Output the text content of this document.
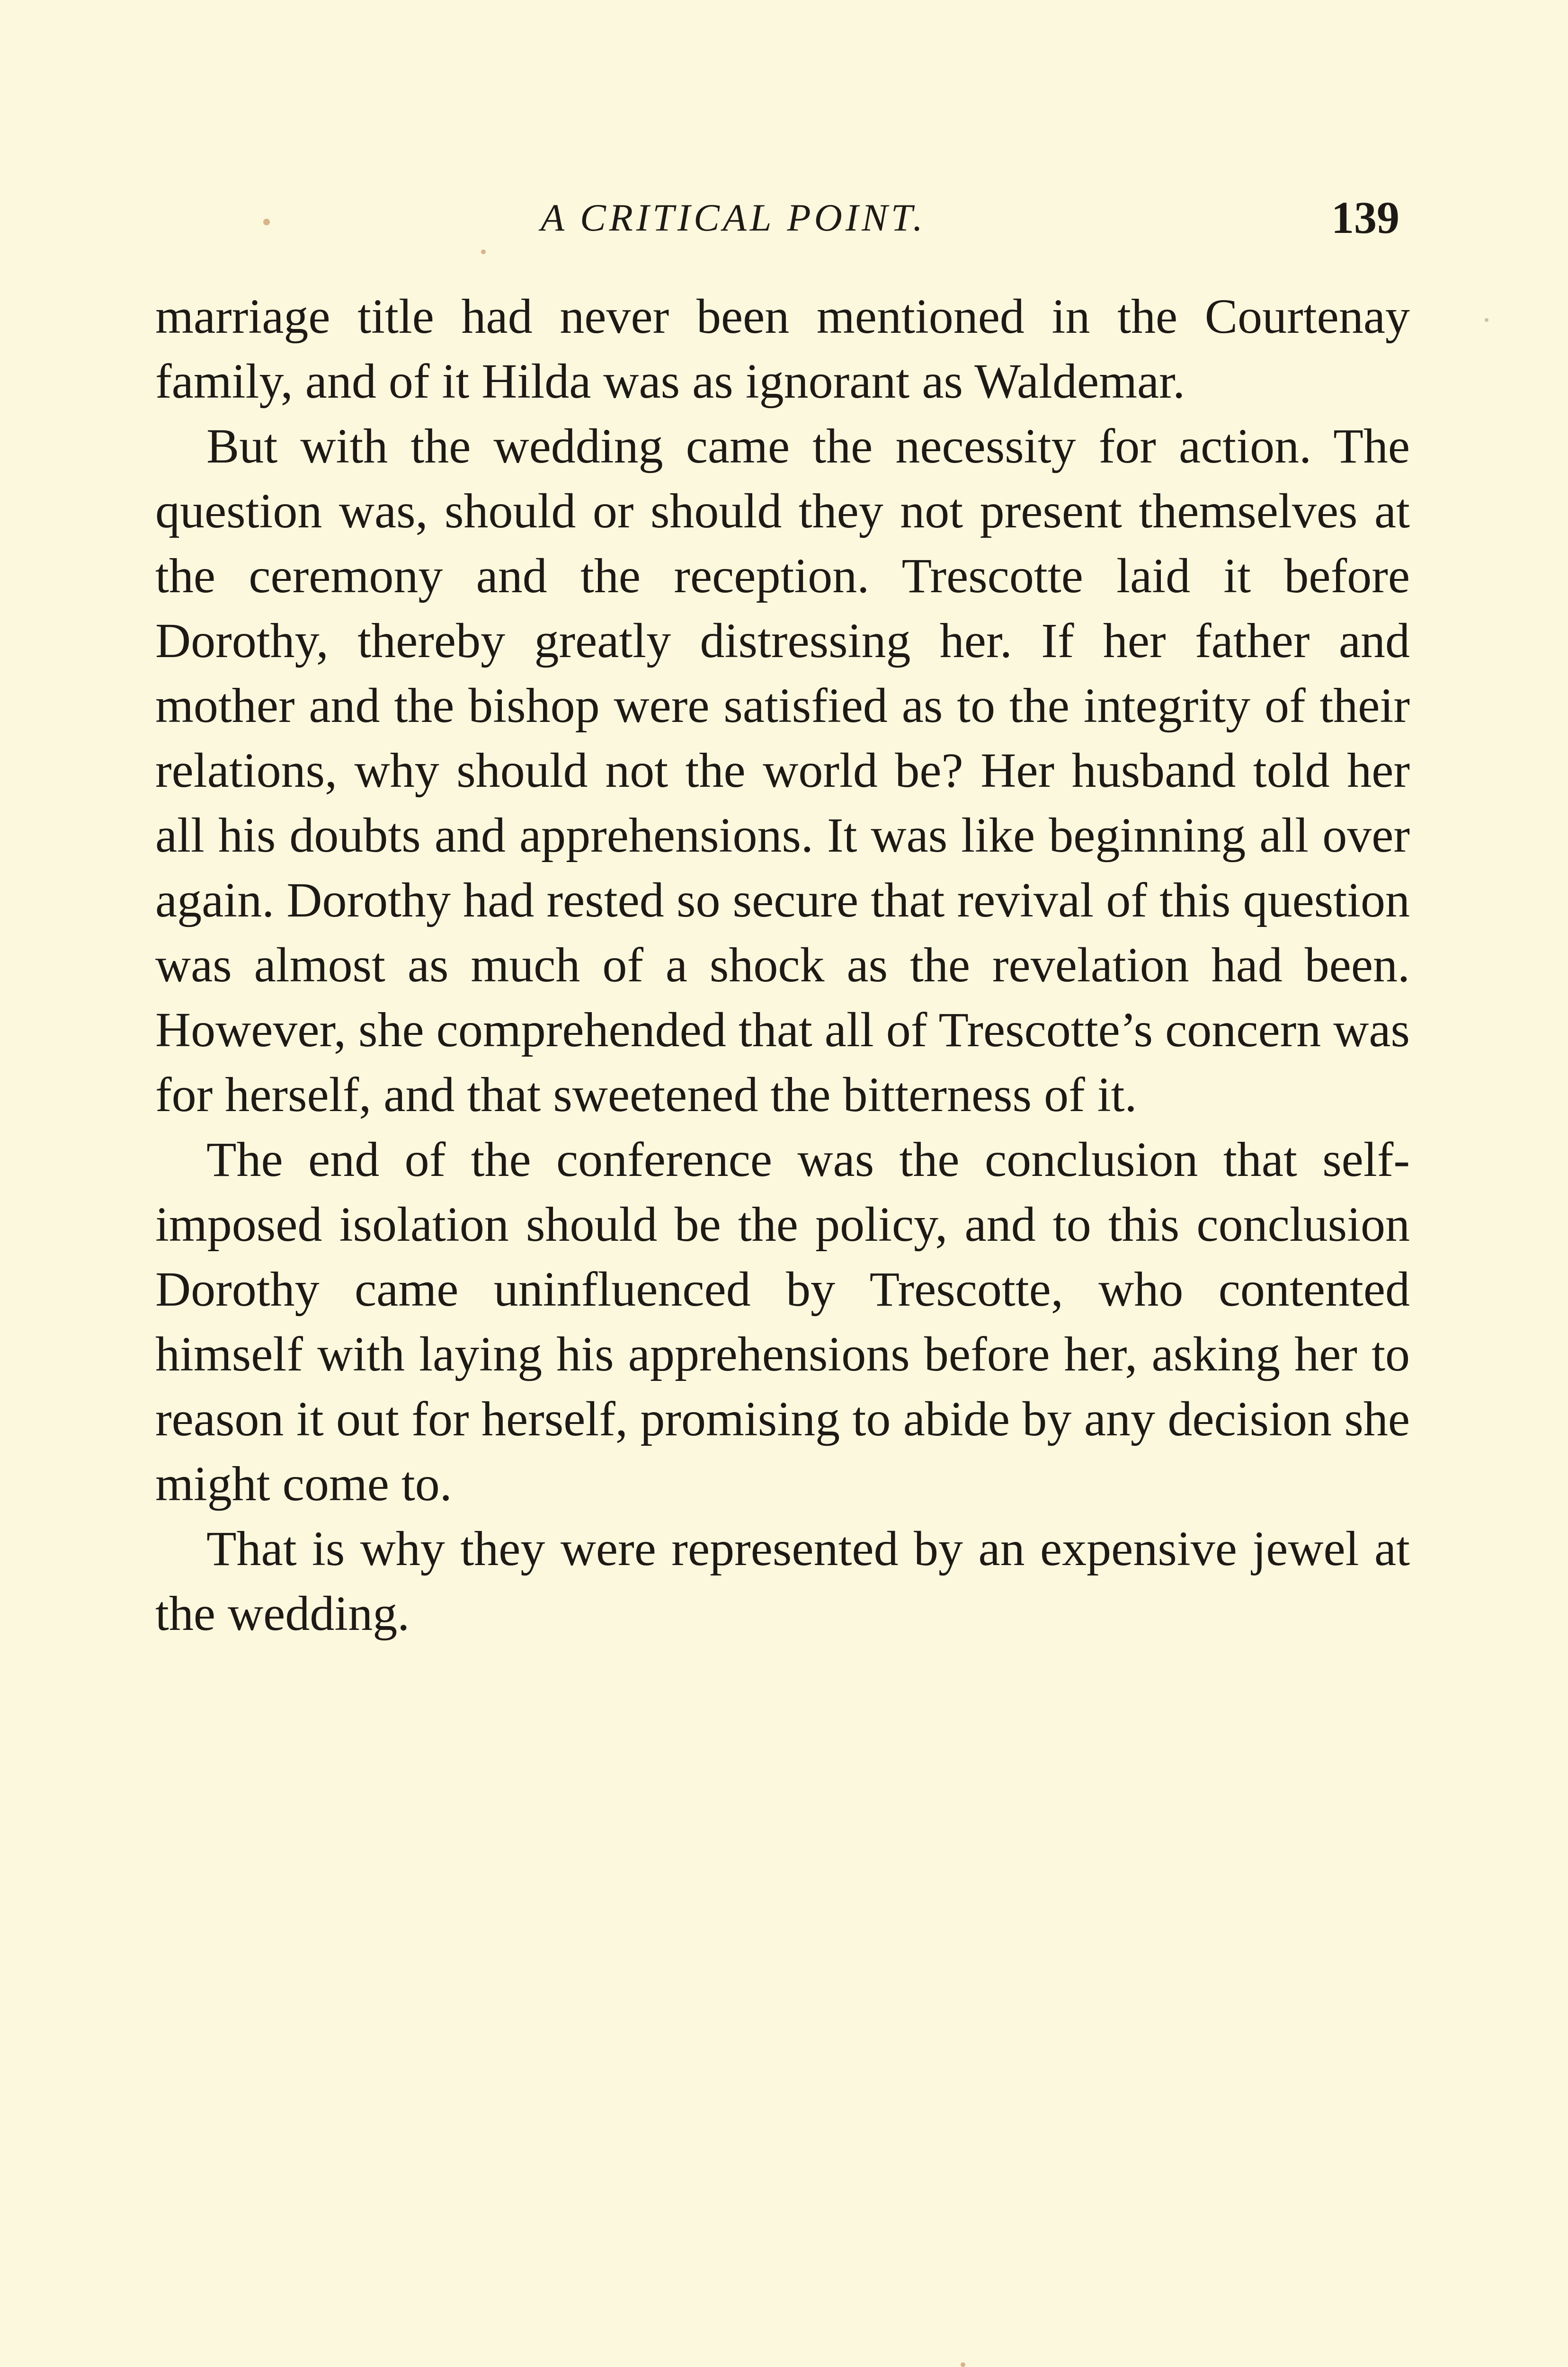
A CRITICAL POINT.	139

marriage title had never been mentioned in the Courtenay family, and of it Hilda was as ignorant as Waldemar.

But with the wedding came the necessity for action. The question was, should or should they not present themselves at the ceremony and the reception. Trescotte laid it before Dorothy, thereby greatly distressing her. If her father and mother and the bishop were satisfied as to the integrity of their relations, why should not the world be? Her husband told her all his doubts and apprehensions. It was like beginning all over again. Dorothy had rested so secure that revival of this question was almost as much of a shock as the revelation had been. However, she comprehended that all of Trescotte’s concern was for herself, and that sweetened the bitterness of it.

The end of the conference was the conclusion that self-imposed isolation should be the policy, and to this conclusion Dorothy came uninfluenced by Trescotte, who contented himself with laying his apprehensions before her, asking her to reason it out for herself, promising to abide by any decision she might come to.

That is why they were represented by an expensive jewel at the wedding.
